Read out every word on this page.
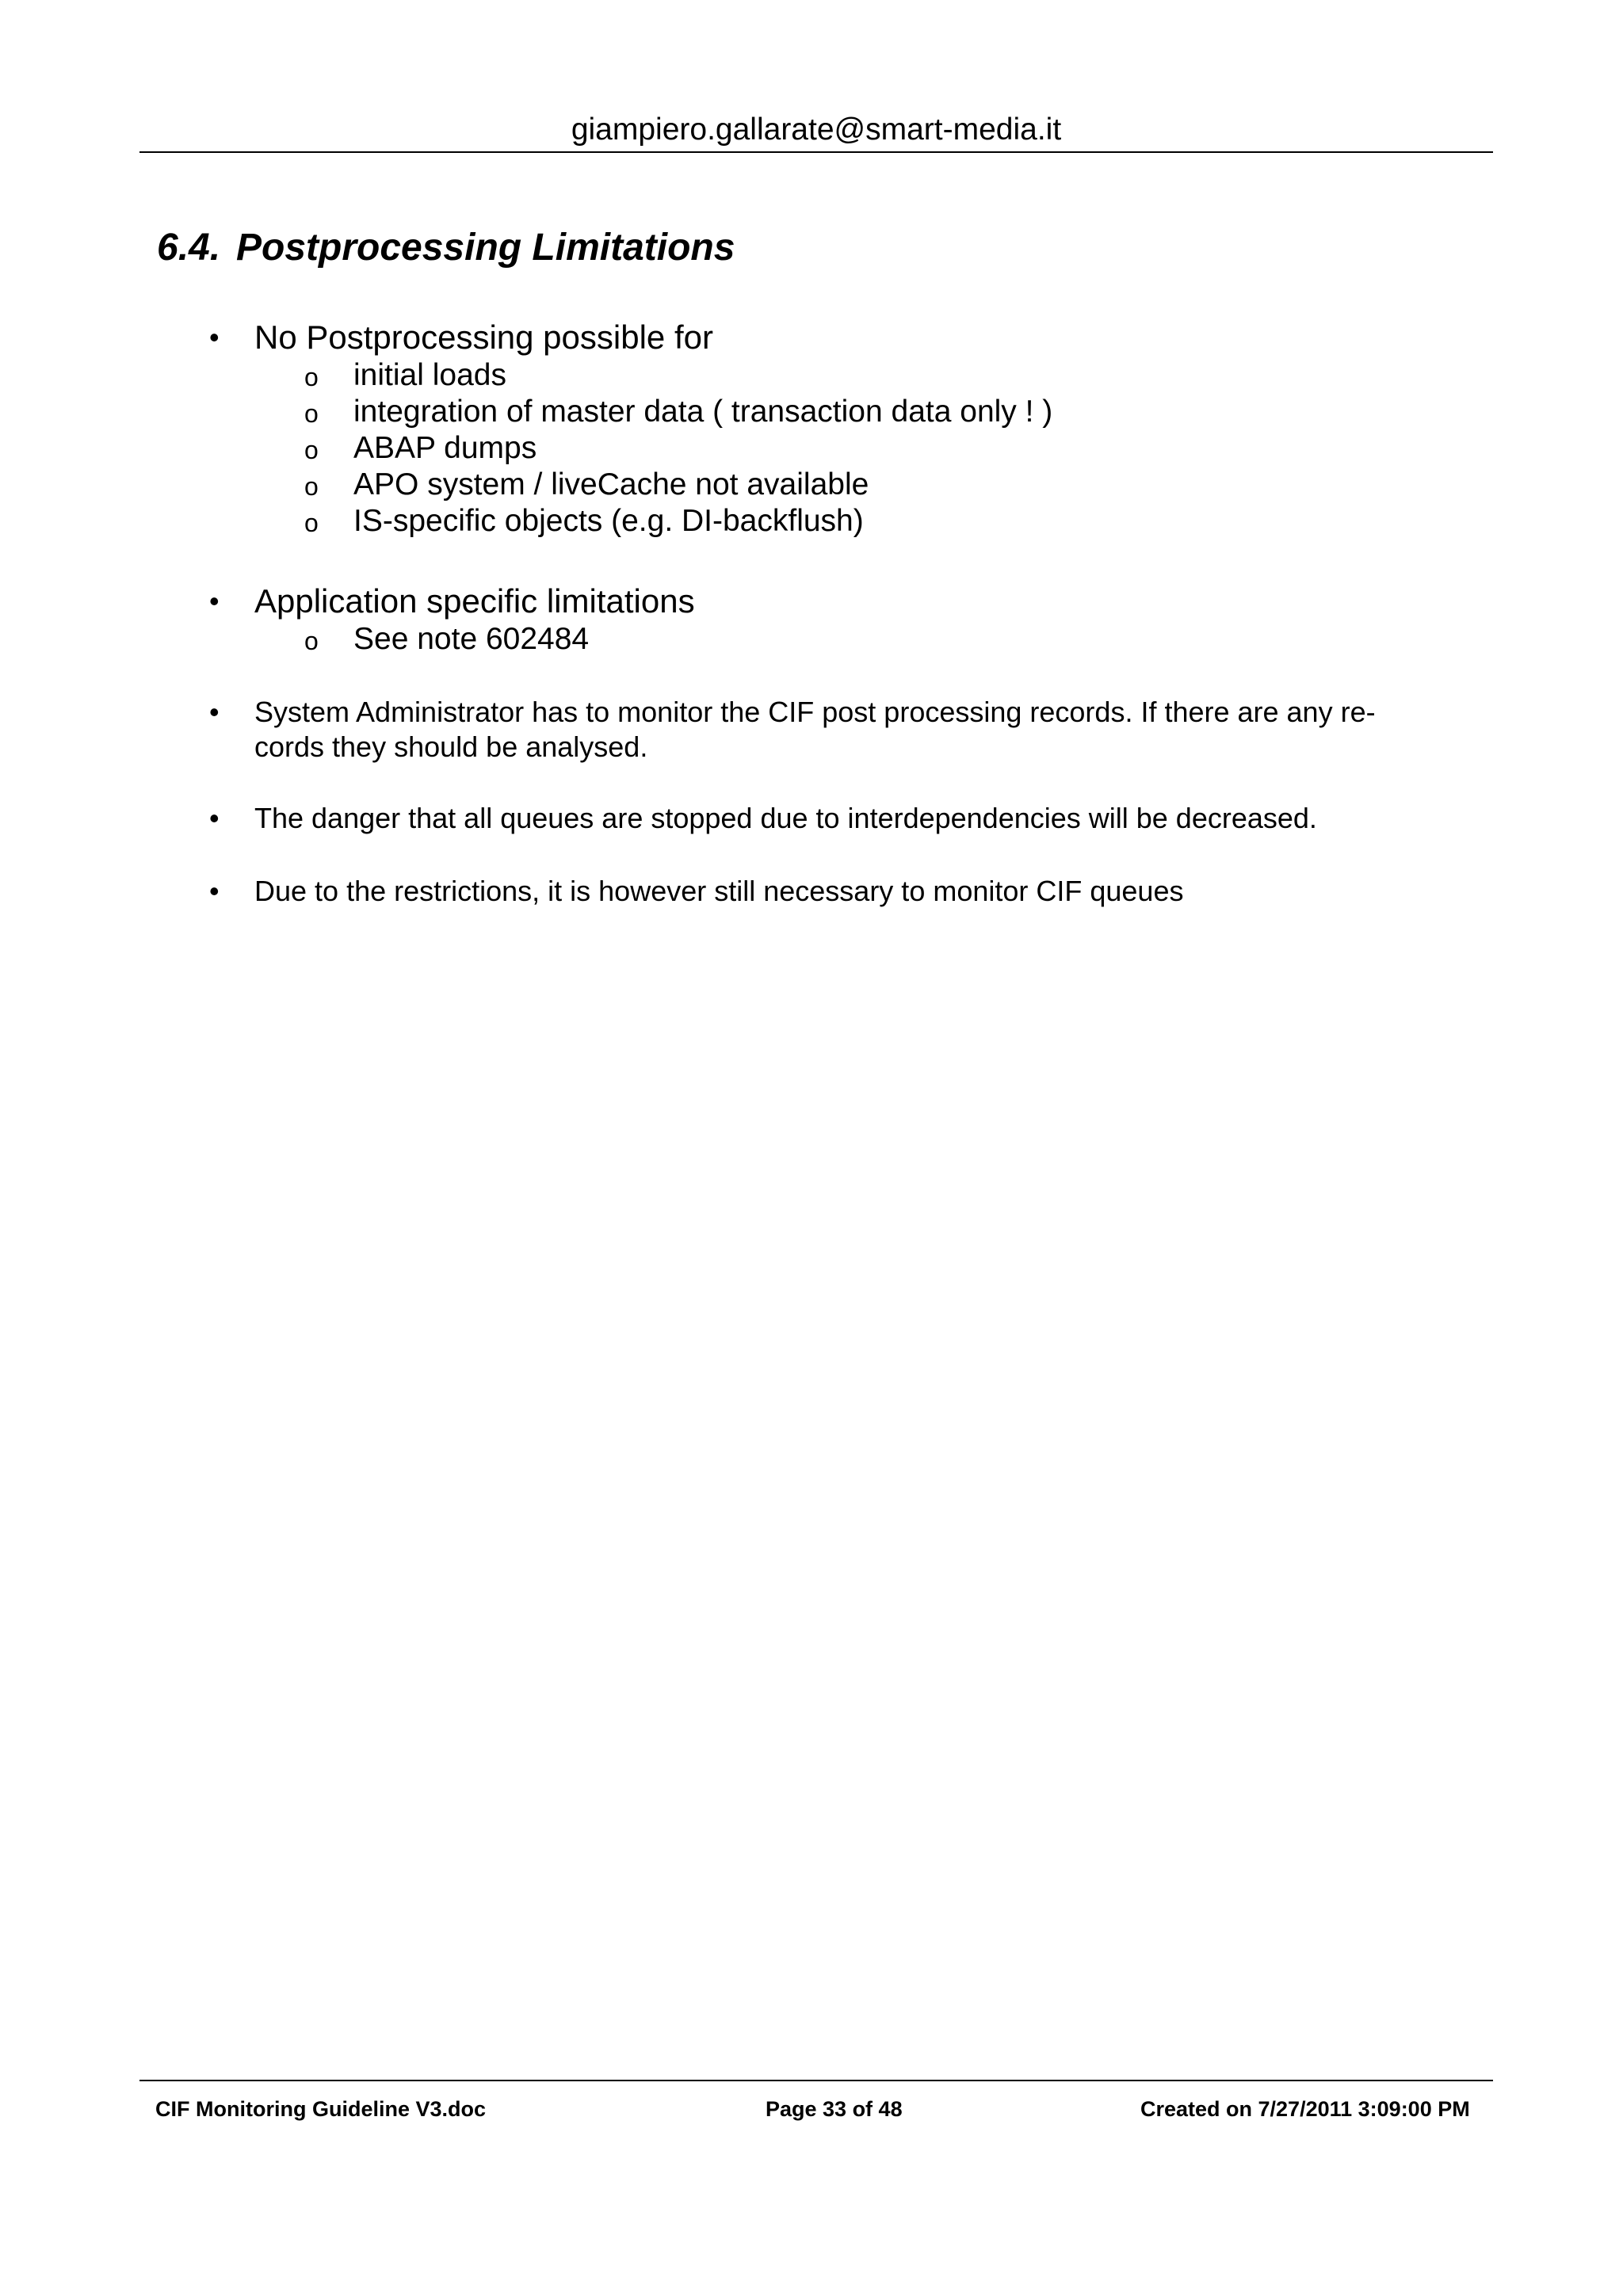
giampiero.gallarate@smart-media.it
6.4. Postprocessing Limitations
• No Postprocessing possible for
o initial loads
o integration of master data ( transaction data only ! )
o ABAP dumps
o APO system / liveCache not available
o IS-specific objects (e.g. DI-backflush)
• Application specific limitations
o See note 602484
• System Administrator has to monitor the CIF post processing records. If there are any re-
cords they should be analysed.
• The danger that all queues are stopped due to interdependencies will be decreased.
• Due to the restrictions, it is however still necessary to monitor CIF queues
CIF Monitoring Guideline V3.doc	Page 33 of 48	Created on 7/27/2011 3:09:00 PM
